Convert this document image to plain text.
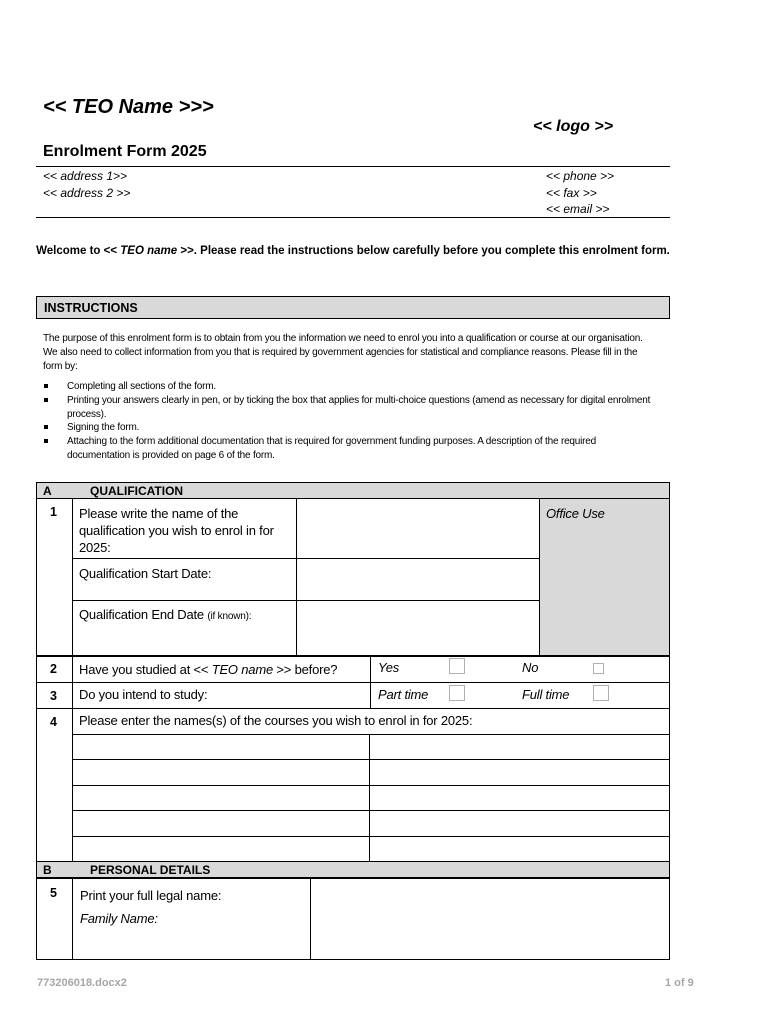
<< TEO Name >>>
<< logo >>
Enrolment Form 2025
<< address 1>>
<< address 2 >>
<< phone >>
<< fax >>
<< email >>
Welcome to << TEO name >>. Please read the instructions below carefully before you complete this enrolment form.
INSTRUCTIONS
The purpose of this enrolment form is to obtain from you the information we need to enrol you into a qualification or course at our organisation. We also need to collect information from you that is required by government agencies for statistical and compliance reasons. Please fill in the form by:
Completing all sections of the form.
Printing your answers clearly in pen, or by ticking the box that applies for multi-choice questions (amend as necessary for digital enrolment process).
Signing the form.
Attaching to the form additional documentation that is required for government funding purposes. A description of the required documentation is provided on page 6 of the form.
A	QUALIFICATION
Office Use
1 Please write the name of the qualification you wish to enrol in for 2025:
Qualification Start Date:
Qualification End Date (if known):
2 Have you studied at << TEO name >> before?	Yes	No
3 Do you intend to study:	Part time	Full time
4 Please enter the names(s) of the courses you wish to enrol in for 2025:
B	PERSONAL DETAILS
5 Print your full legal name:
Family Name:
773206018.docx2	1 of 9
